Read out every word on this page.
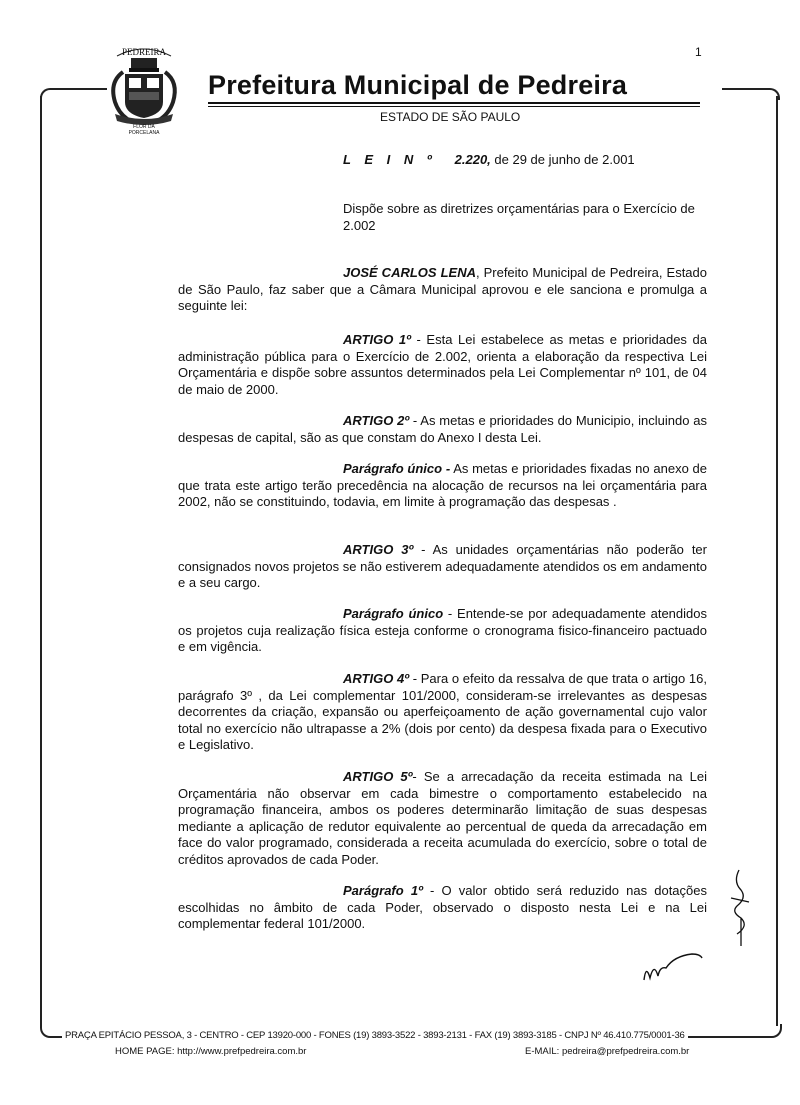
PEDREIRA
FLOR DA
PORCELANA
1
Prefeitura Municipal de Pedreira
ESTADO DE SÃO PAULO
L E I N º 2.220, de 29 de junho de 2.001
Dispõe sobre as diretrizes orçamentárias para o Exercício de 2.002
JOSÉ CARLOS LENA, Prefeito Municipal de Pedreira, Estado de São Paulo, faz saber que a Câmara Municipal aprovou e ele sanciona e promulga a seguinte lei:
ARTIGO 1º - Esta Lei estabelece as metas e prioridades da administração pública para o Exercício de 2.002, orienta a elaboração da respectiva Lei Orçamentária e dispõe sobre assuntos determinados pela Lei Complementar nº 101, de 04 de maio de 2000.
ARTIGO 2º - As metas e prioridades do Municipio, incluindo as despesas de capital, são as que constam do Anexo I desta Lei.
Parágrafo único - As metas e prioridades fixadas no anexo de que trata este artigo terão precedência na alocação de recursos na lei orçamentária para 2002, não se constituindo, todavia, em limite à programação das despesas .
ARTIGO 3º - As unidades orçamentárias não poderão ter consignados novos projetos se não estiverem adequadamente atendidos os em andamento e a seu cargo.
Parágrafo único - Entende-se por adequadamente atendidos os projetos cuja realização física esteja conforme o cronograma fisico-financeiro pactuado e em vigência.
ARTIGO 4º - Para o efeito da ressalva de que trata o artigo 16, parágrafo 3º , da Lei complementar 101/2000, consideram-se irrelevantes as despesas decorrentes da criação, expansão ou aperfeiçoamento de ação governamental cujo valor total no exercício não ultrapasse a 2% (dois por cento) da despesa fixada para o Executivo e Legislativo.
ARTIGO 5º- Se a arrecadação da receita estimada na Lei Orçamentária não observar em cada bimestre o comportamento estabelecido na programação financeira, ambos os poderes determinarão limitação de suas despesas mediante a aplicação de redutor equivalente ao percentual de queda da arrecadação em face do valor programado, considerada a receita acumulada do exercício, sobre o total de créditos aprovados de cada Poder.
Parágrafo 1º - O valor obtido será reduzido nas dotações escolhidas no âmbito de cada Poder, observado o disposto nesta Lei e na Lei complementar federal 101/2000.
PRAÇA EPITÁCIO PESSOA, 3 - CENTRO - CEP 13920-000 - FONES (19) 3893-3522 - 3893-2131 - FAX (19) 3893-3185 - CNPJ Nº 46.410.775/0001-36
HOME PAGE: http://www.prefpedreira.com.br	E-MAIL: pedreira@prefpedreira.com.br
